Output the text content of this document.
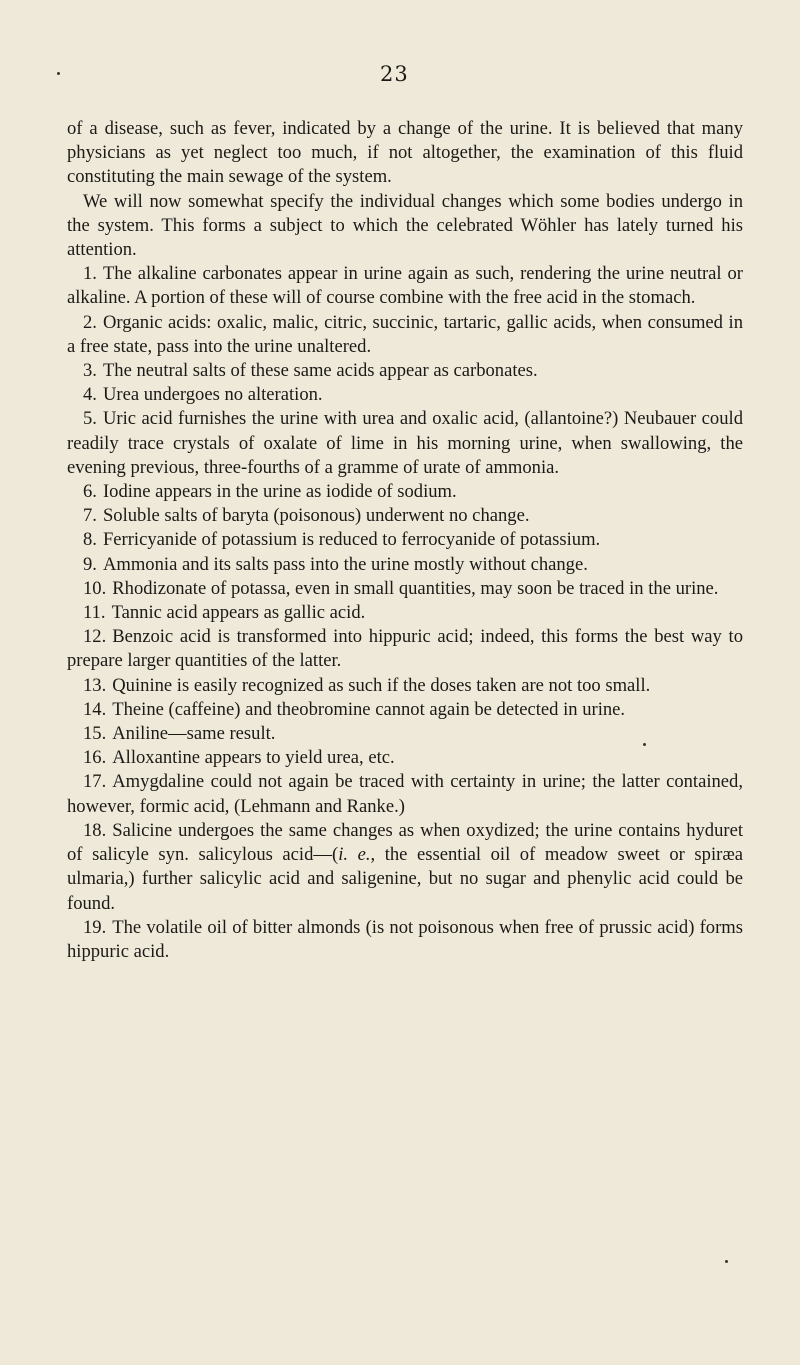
23

of a disease, such as fever, indicated by a change of the urine. It is believed that many physicians as yet neglect too much, if not altogether, the examination of this fluid constituting the main sewage of the system.

We will now somewhat specify the individual changes which some bodies undergo in the system. This forms a subject to which the celebrated Wöhler has lately turned his attention.

1. The alkaline carbonates appear in urine again as such, rendering the urine neutral or alkaline. A portion of these will of course combine with the free acid in the stomach.

2. Organic acids: oxalic, malic, citric, succinic, tartaric, gallic acids, when consumed in a free state, pass into the urine unaltered.

3. The neutral salts of these same acids appear as carbonates.

4. Urea undergoes no alteration.

5. Uric acid furnishes the urine with urea and oxalic acid, (allantoine?) Neubauer could readily trace crystals of oxalate of lime in his morning urine, when swallowing, the evening previous, three-fourths of a gramme of urate of ammonia.

6. Iodine appears in the urine as iodide of sodium.

7. Soluble salts of baryta (poisonous) underwent no change.

8. Ferricyanide of potassium is reduced to ferrocyanide of potassium.

9. Ammonia and its salts pass into the urine mostly without change.

10. Rhodizonate of potassa, even in small quantities, may soon be traced in the urine.

11. Tannic acid appears as gallic acid.

12. Benzoic acid is transformed into hippuric acid; indeed, this forms the best way to prepare larger quantities of the latter.

13. Quinine is easily recognized as such if the doses taken are not too small.

14. Theine (caffeine) and theobromine cannot again be detected in urine.

15. Aniline—same result.

16. Alloxantine appears to yield urea, etc.

17. Amygdaline could not again be traced with certainty in urine; the latter contained, however, formic acid, (Lehmann and Ranke.)

18. Salicine undergoes the same changes as when oxydized; the urine contains hyduret of salicyle syn. salicylous acid—(i. e., the essential oil of meadow sweet or spiræa ulmaria,) further salicylic acid and saligenine, but no sugar and phenylic acid could be found.

19. The volatile oil of bitter almonds (is not poisonous when free of prussic acid) forms hippuric acid.
